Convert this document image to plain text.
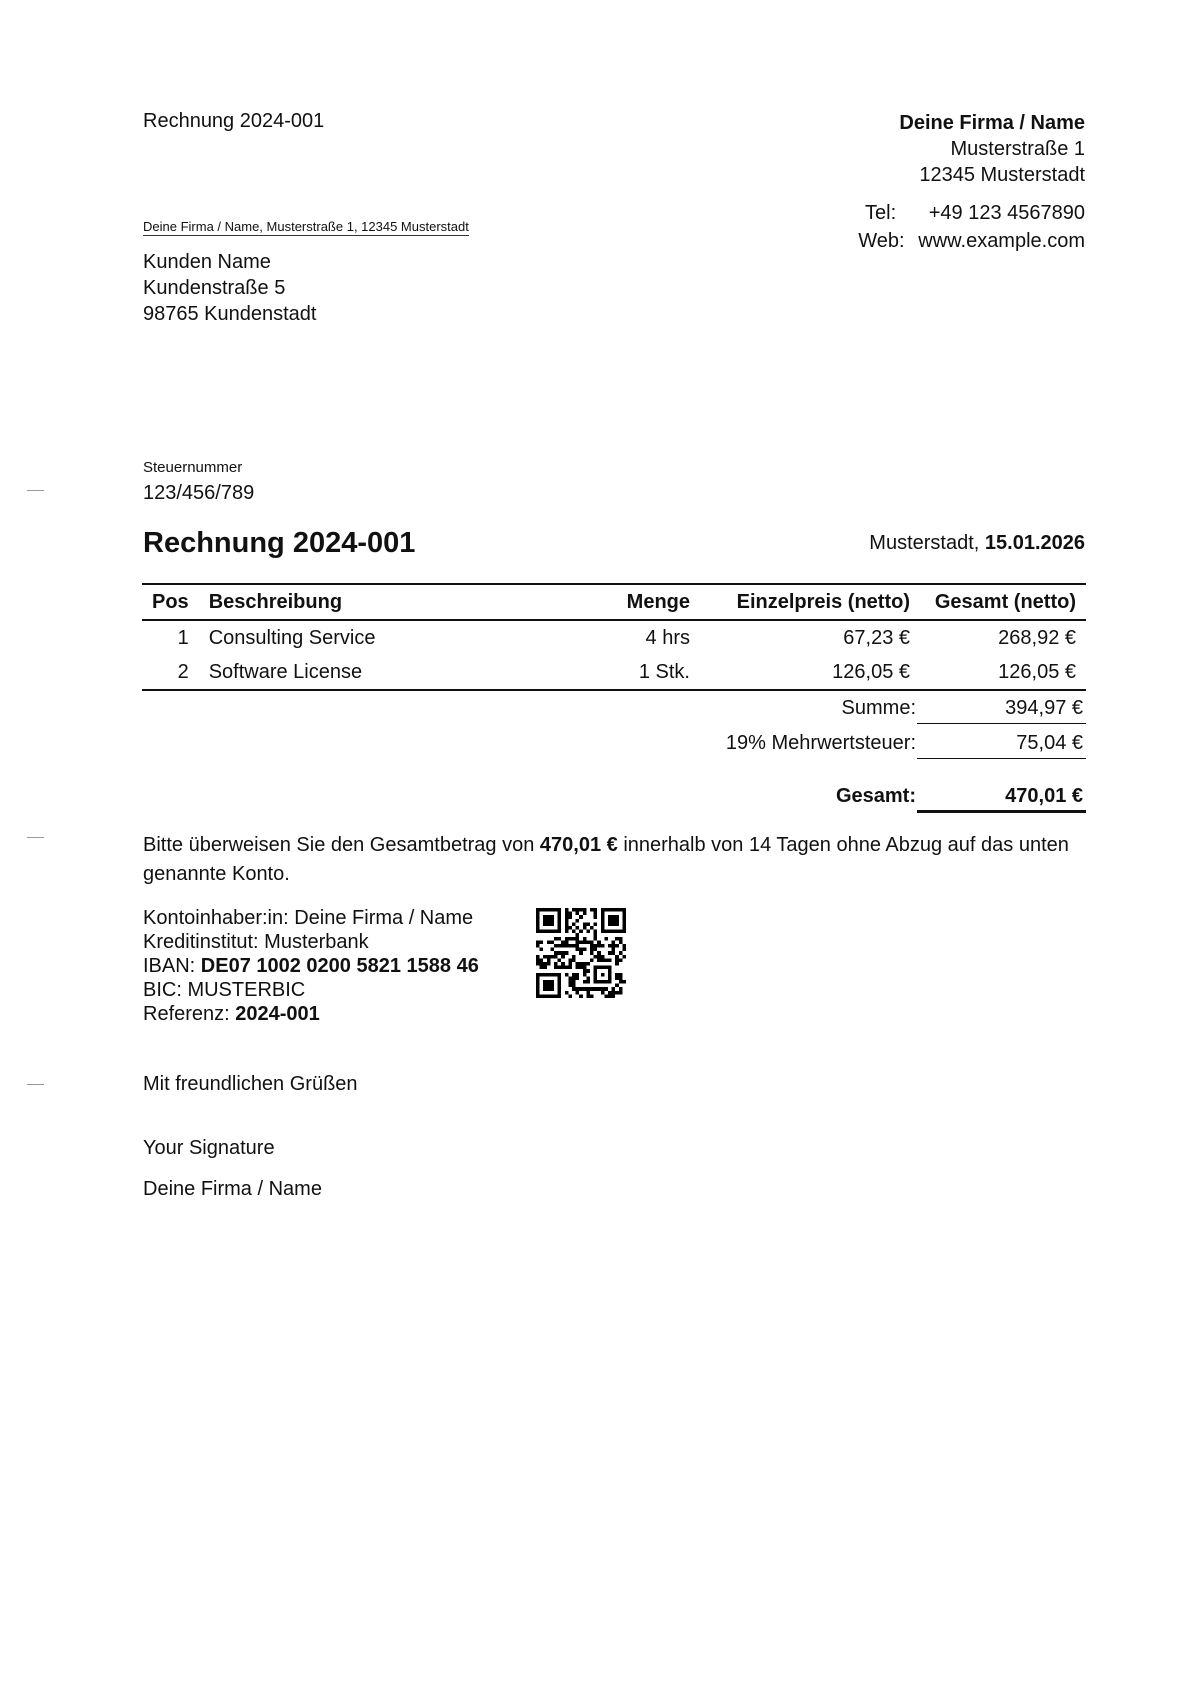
Rechnung 2024-001	Deine Firma / Name
Musterstraße 1
12345 Musterstadt
Tel:	+49 123 4567890
Web: www.example.com
Deine Firma / Name, Musterstraße 1, 12345 Musterstadt
Kunden Name
Kundenstraße 5
98765 Kundenstadt
Steuernummer
123/456/789
Rechnung 2024-001	Musterstadt, 15.01.2026
Pos	Beschreibung	Menge	Einzelpreis (netto)	Gesamt (netto)
1	Consulting Service	4 hrs	67,23 €	268,92 €
2	Software License	1 Stk.	126,05 €	126,05 €
Summe:	394,97 €
19% Mehrwertsteuer:	75,04 €
Gesamt:	470,01 €
Bitte überweisen Sie den Gesamtbetrag von 470,01 € innerhalb von 14 Tagen ohne Abzug auf das unten genannte Konto.
Kontoinhaber:in: Deine Firma / Name
Kreditinstitut: Musterbank
IBAN: DE07 1002 0200 5821 1588 46
BIC: MUSTERBIC
Referenz: 2024-001
Mit freundlichen Grüßen
Your Signature
Deine Firma / Name
